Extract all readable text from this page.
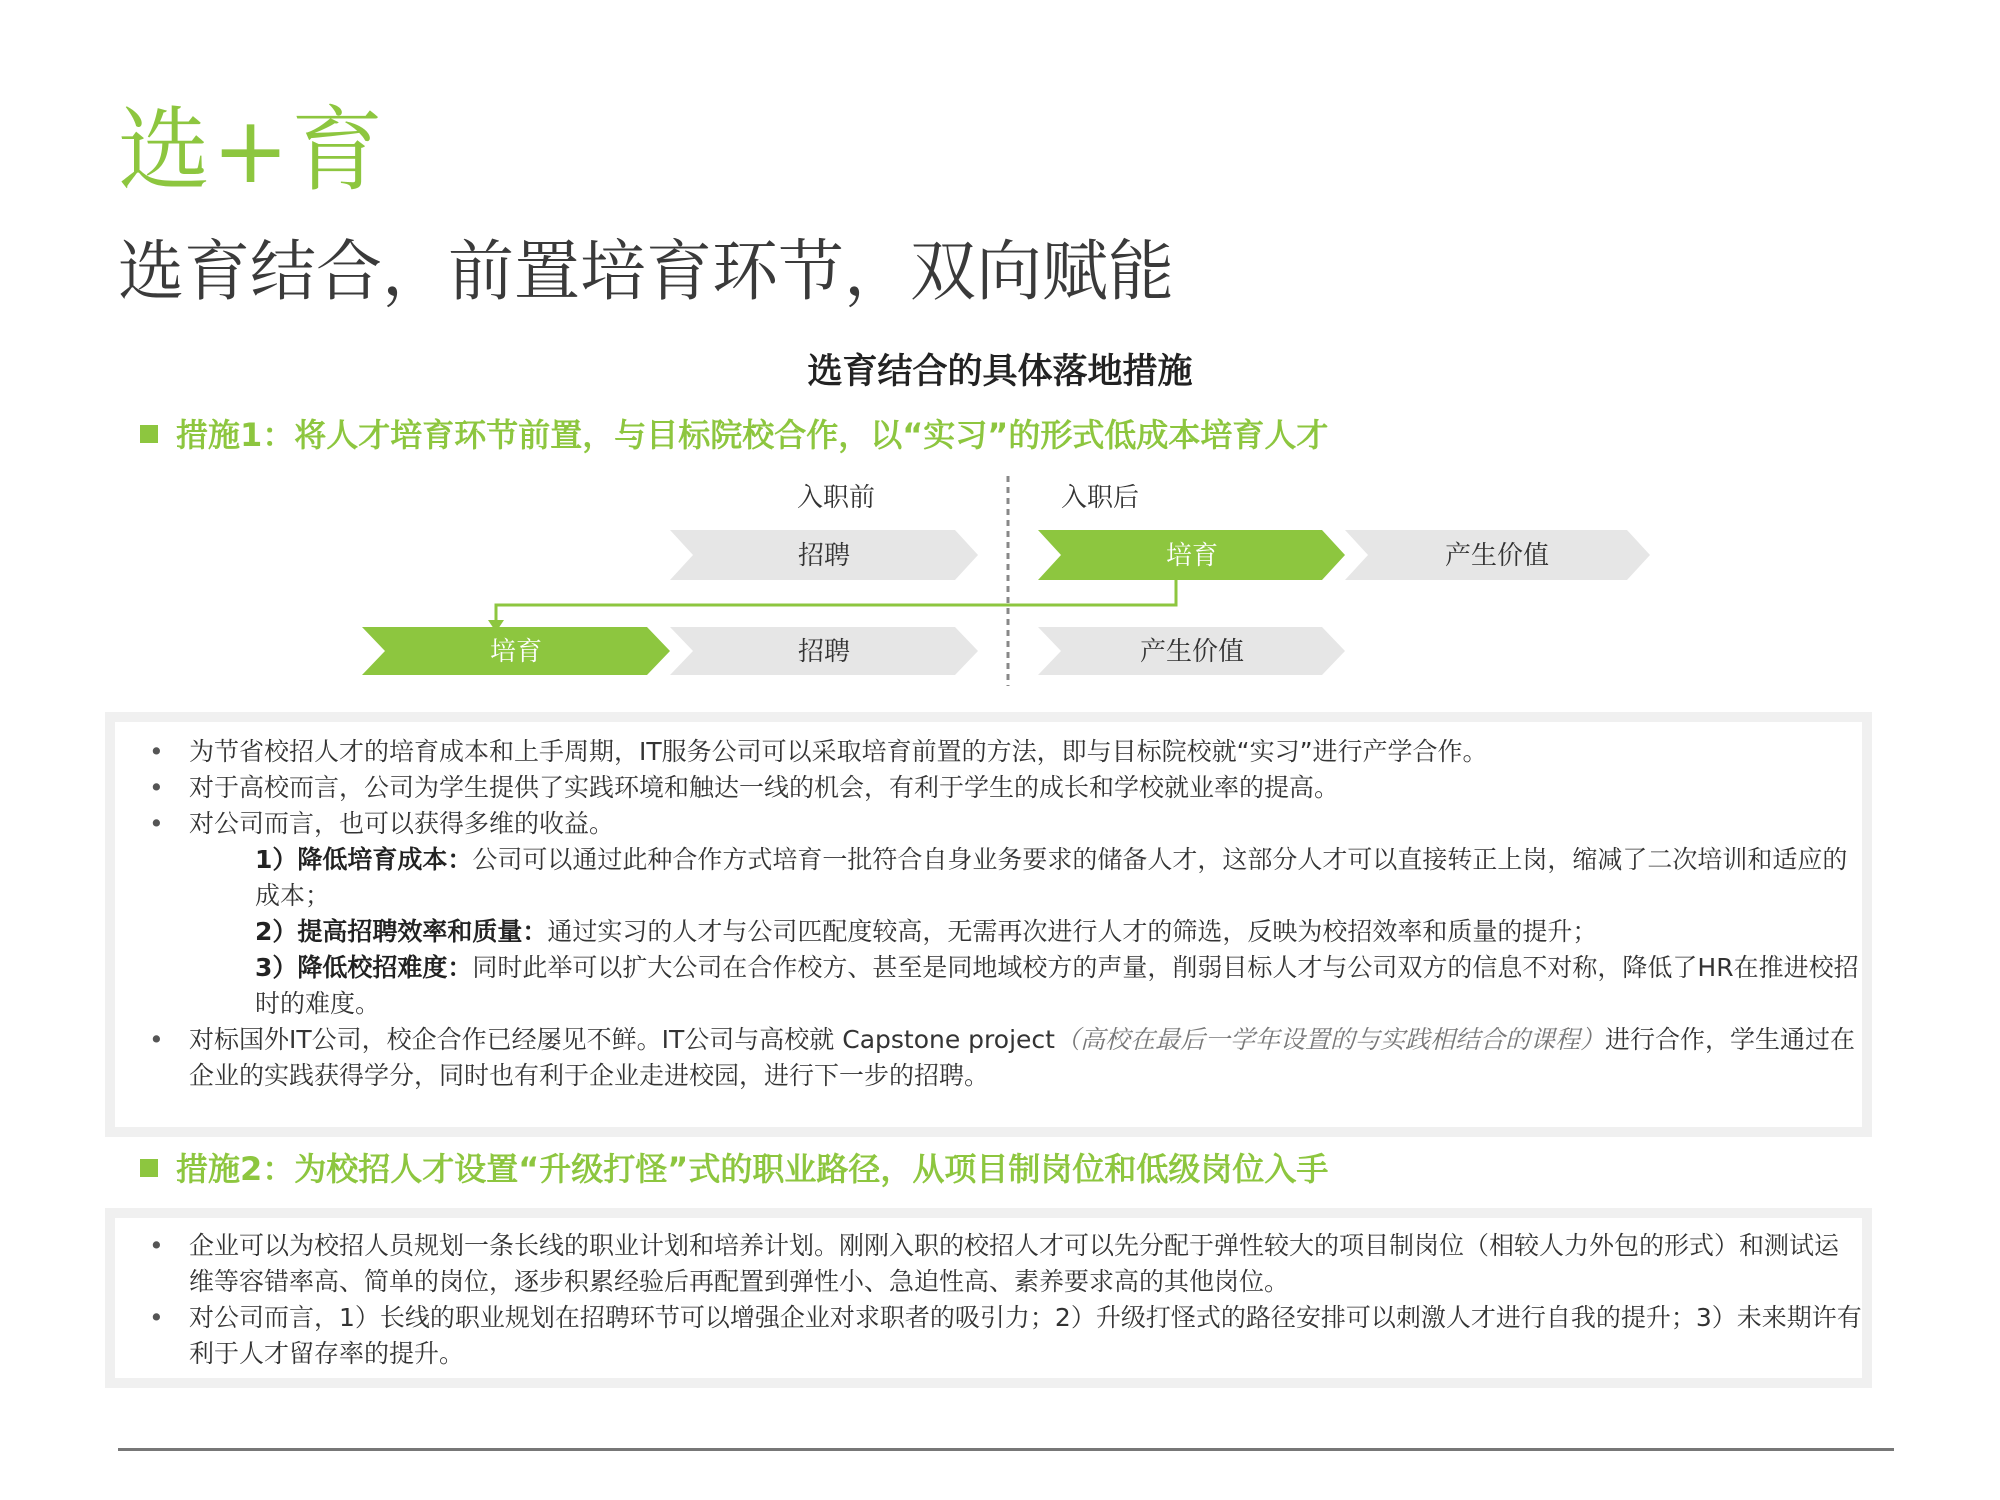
选+育
选育结合，前置培育环节，双向赋能
选育结合的具体落地措施
措施1：将人才培育环节前置，与目标院校合作，以“实习”的形式低成本培育人才
入职前	入职后
招聘	培育	产生价值
培育	招聘	产生价值
• 为节省校招人才的培育成本和上手周期，IT服务公司可以采取培育前置的方法，即与目标院校就“实习”进行产学合作。
• 对于高校而言，公司为学生提供了实践环境和触达一线的机会，有利于学生的成长和学校就业率的提高。
• 对公司而言，也可以获得多维的收益。
1）降低培育成本：公司可以通过此种合作方式培育一批符合自身业务要求的储备人才，这部分人才可以直接转正上岗，缩减了二次培训和适应的成本；
2）提高招聘效率和质量：通过实习的人才与公司匹配度较高，无需再次进行人才的筛选，反映为校招效率和质量的提升；
3）降低校招难度：同时此举可以扩大公司在合作校方、甚至是同地域校方的声量，削弱目标人才与公司双方的信息不对称，降低了HR在推进校招时的难度。
• 对标国外IT公司，校企合作已经屡见不鲜。IT公司与高校就 Capstone project（高校在最后一学年设置的与实践相结合的课程）进行合作，学生通过在企业的实践获得学分，同时也有利于企业走进校园，进行下一步的招聘。
措施2：为校招人才设置“升级打怪”式的职业路径，从项目制岗位和低级岗位入手
• 企业可以为校招人员规划一条长线的职业计划和培养计划。刚刚入职的校招人才可以先分配于弹性较大的项目制岗位（相较人力外包的形式）和测试运维等容错率高、简单的岗位，逐步积累经验后再配置到弹性小、急迫性高、素养要求高的其他岗位。
• 对公司而言，1）长线的职业规划在招聘环节可以增强企业对求职者的吸引力；2）升级打怪式的路径安排可以刺激人才进行自我的提升；3）未来期许有利于人才留存率的提升。
